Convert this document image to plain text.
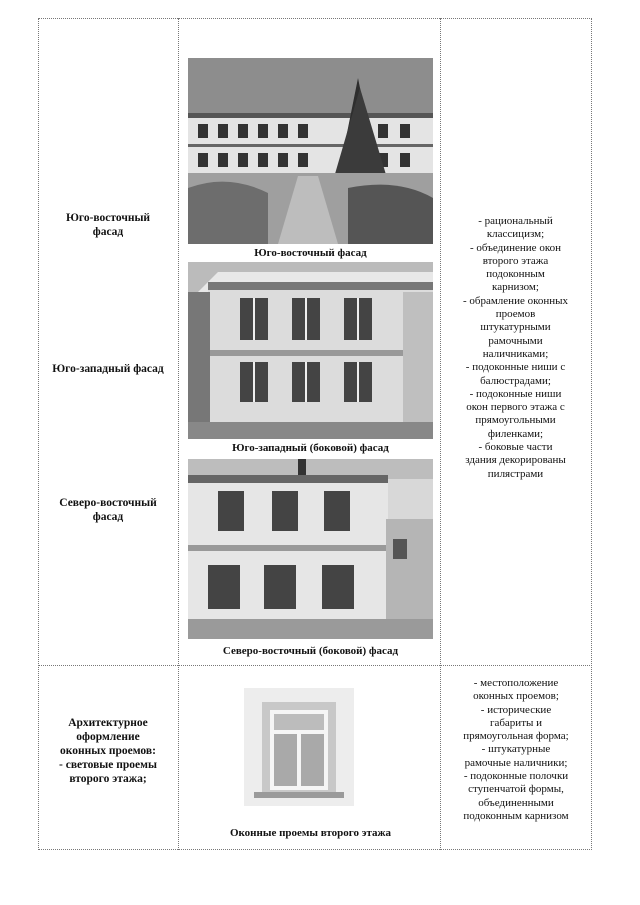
Юго-восточный
фасад
Юго-западный фасад
Северо-восточный
фасад
Юго-восточный фасад
Юго-западный (боковой) фасад
Северо-восточный (боковой) фасад
- рациональный
классицизм;
- объединение окон
второго этажа
подоконным
карнизом;
- обрамление оконных
проемов
штукатурными
рамочными
наличниками;
- подоконные ниши с
балюстрадами;
- подоконные ниши
окон первого этажа с
прямоугольными
филенками;
- боковые части
здания декорированы
пилястрами
Архитектурное
оформление
оконных проемов:
- световые проемы
второго этажа;
Оконные проемы второго этажа
- местоположение
оконных проемов;
- исторические
габариты и
прямоугольная форма;
- штукатурные
рамочные наличники;
- подоконные полочки
ступенчатой формы,
объединенными
подоконным карнизом
